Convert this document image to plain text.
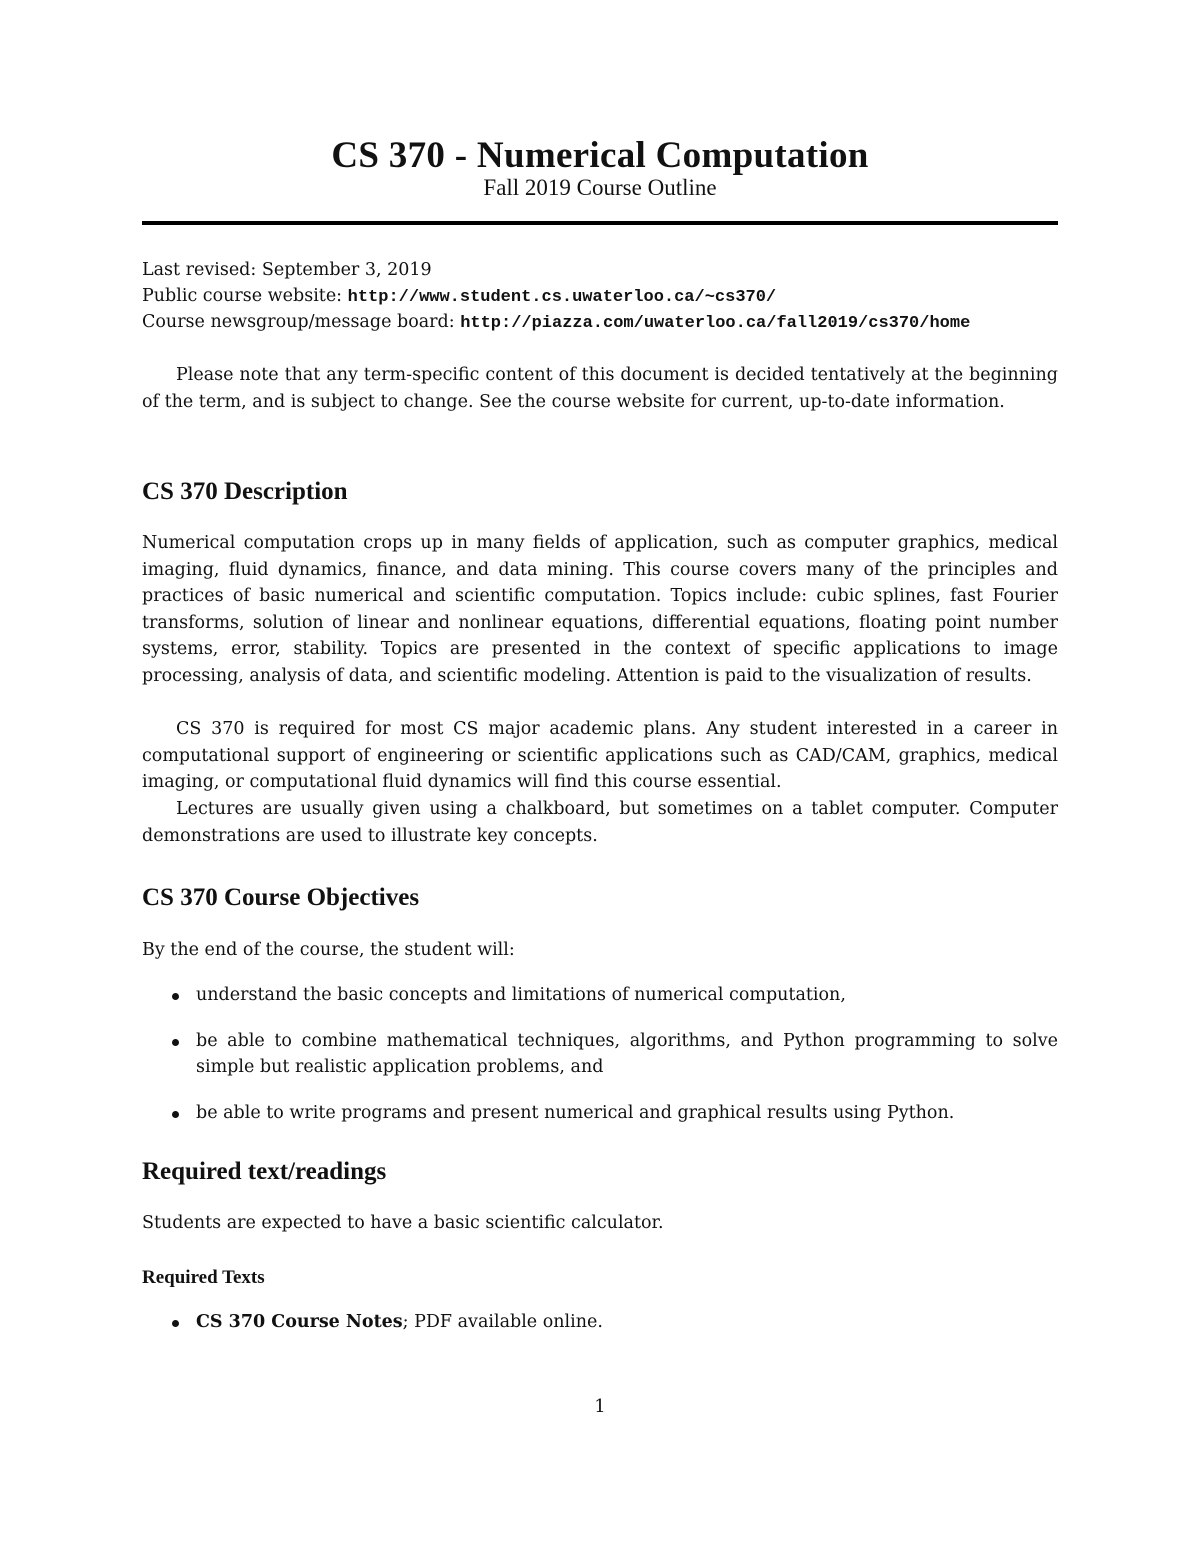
CS 370 - Numerical Computation
Fall 2019 Course Outline
Last revised: September 3, 2019
Public course website: http://www.student.cs.uwaterloo.ca/~cs370/
Course newsgroup/message board: http://piazza.com/uwaterloo.ca/fall2019/cs370/home
Please note that any term-specific content of this document is decided tentatively at the beginning of the term, and is subject to change. See the course website for current, up-to-date information.
CS 370 Description
Numerical computation crops up in many fields of application, such as computer graphics, medical imaging, fluid dynamics, finance, and data mining. This course covers many of the principles and practices of basic numerical and scientific computation. Topics include: cubic splines, fast Fourier transforms, solution of linear and nonlinear equations, differential equations, floating point number systems, error, stability. Topics are presented in the context of specific applications to image processing, analysis of data, and scientific modeling. Attention is paid to the visualization of results.
CS 370 is required for most CS major academic plans. Any student interested in a career in computational support of engineering or scientific applications such as CAD/CAM, graphics, medical imaging, or computational fluid dynamics will find this course essential.
Lectures are usually given using a chalkboard, but sometimes on a tablet computer. Computer demonstrations are used to illustrate key concepts.
CS 370 Course Objectives
By the end of the course, the student will:
understand the basic concepts and limitations of numerical computation,
be able to combine mathematical techniques, algorithms, and Python programming to solve simple but realistic application problems, and
be able to write programs and present numerical and graphical results using Python.
Required text/readings
Students are expected to have a basic scientific calculator.
Required Texts
CS 370 Course Notes; PDF available online.
1
